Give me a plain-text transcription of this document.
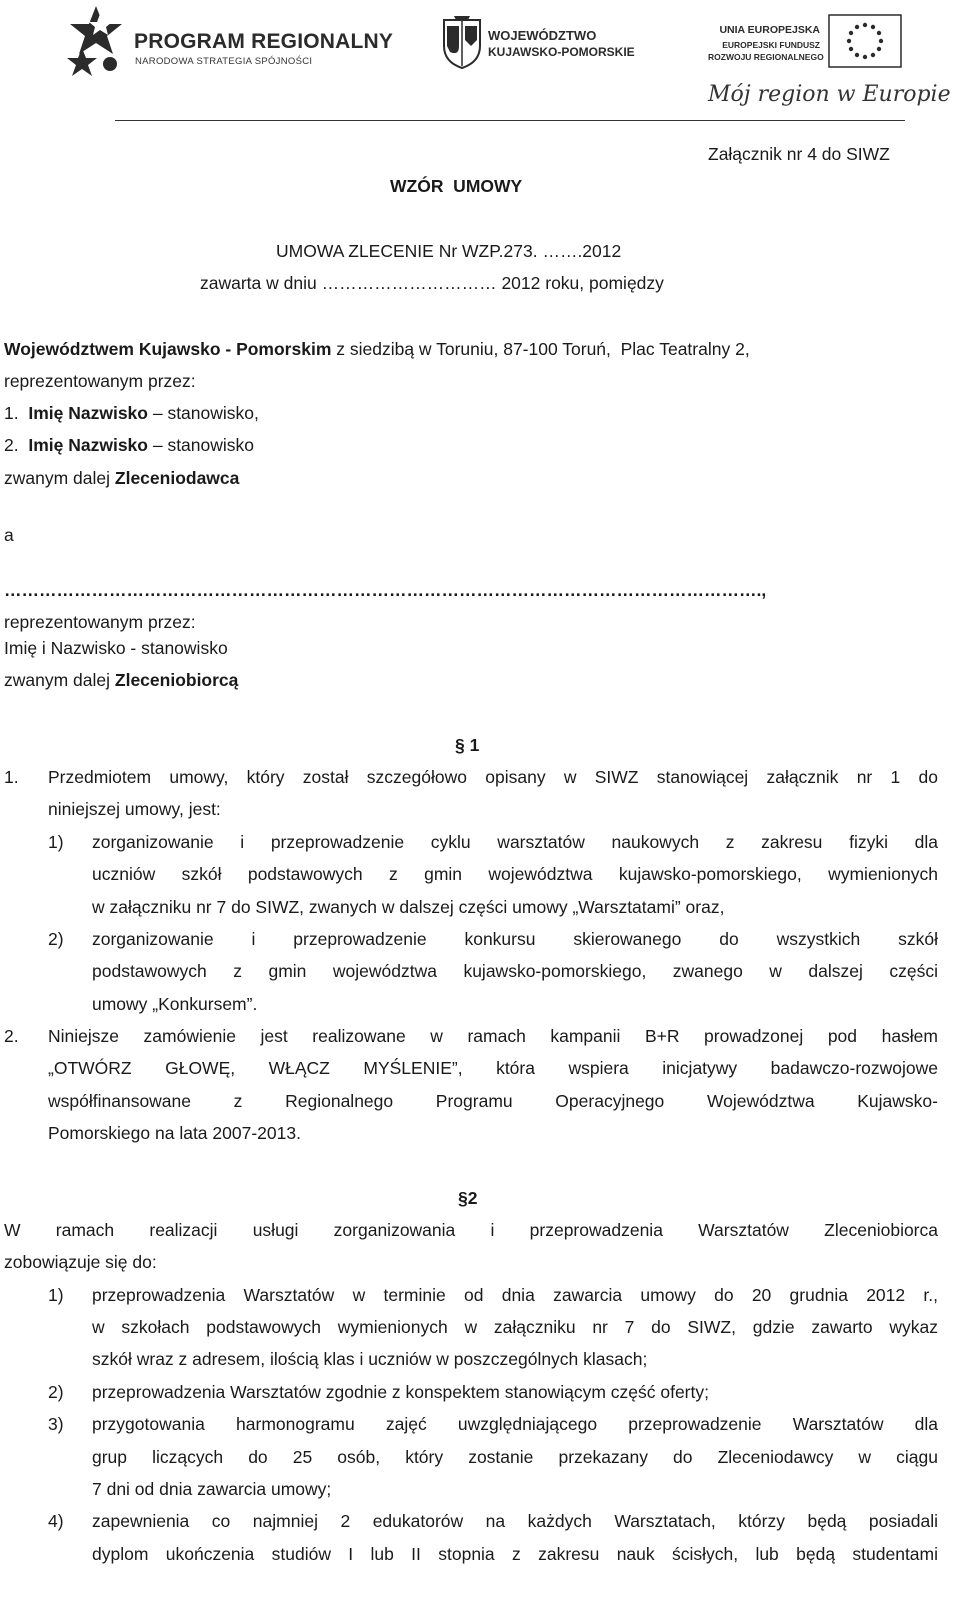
PROGRAM REGIONALNY
NARODOWA STRATEGIA SPÓJNOŚCI
WOJEWÓDZTWO
KUJAWSKO-POMORSKIE
UNIA EUROPEJSKA
EUROPEJSKI FUNDUSZ
ROZWOJU REGIONALNEGO
Mój region w Europie
Załącznik nr 4 do SIWZ
WZÓR  UMOWY
UMOWA ZLECENIE Nr WZP.273. …….2012
zawarta w dniu ………………………… 2012 roku, pomiędzy
Województwem Kujawsko - Pomorskim z siedzibą w Toruniu, 87-100 Toruń,  Plac Teatralny 2,
reprezentowanym przez:
1. Imię Nazwisko – stanowisko,
2. Imię Nazwisko – stanowisko
zwanym dalej Zleceniodawca
a
………………………………………………………………………………………………………………….,
reprezentowanym przez:
Imię i Nazwisko - stanowisko
zwanym dalej Zleceniobiorcą
§ 1
1. Przedmiotem umowy, który został szczegółowo opisany w SIWZ stanowiącej załącznik nr 1 do
niniejszej umowy, jest:
1) zorganizowanie i przeprowadzenie cyklu warsztatów naukowych z zakresu fizyki dla
uczniów szkół podstawowych z gmin województwa kujawsko-pomorskiego, wymienionych
w załączniku nr 7 do SIWZ, zwanych w dalszej części umowy „Warsztatami” oraz,
2) zorganizowanie i przeprowadzenie konkursu skierowanego do wszystkich szkół
podstawowych z gmin województwa kujawsko-pomorskiego, zwanego w dalszej części
umowy „Konkursem”.
2. Niniejsze zamówienie jest realizowane w ramach kampanii B+R prowadzonej pod hasłem
„OTWÓRZ GŁOWĘ, WŁĄCZ MYŚLENIE”, która wspiera inicjatywy badawczo-rozwojowe
współfinansowane z Regionalnego Programu Operacyjnego Województwa Kujawsko-
Pomorskiego na lata 2007-2013.
§2
W ramach realizacji usługi zorganizowania i przeprowadzenia Warsztatów Zleceniobiorca
zobowiązuje się do:
1) przeprowadzenia Warsztatów w terminie od dnia zawarcia umowy do 20 grudnia 2012 r.,
w szkołach podstawowych wymienionych w załączniku nr 7 do SIWZ, gdzie zawarto wykaz
szkół wraz z adresem, ilością klas i uczniów w poszczególnych klasach;
2) przeprowadzenia Warsztatów zgodnie z konspektem stanowiącym część oferty;
3) przygotowania harmonogramu zajęć uwzględniającego przeprowadzenie Warsztatów dla
grup liczących do 25 osób, który zostanie przekazany do Zleceniodawcy w ciągu
7 dni od dnia zawarcia umowy;
4) zapewnienia co najmniej 2 edukatorów na każdych Warsztatach, którzy będą posiadali
dyplom ukończenia studiów I lub II stopnia z zakresu nauk ścisłych, lub będą studentami
